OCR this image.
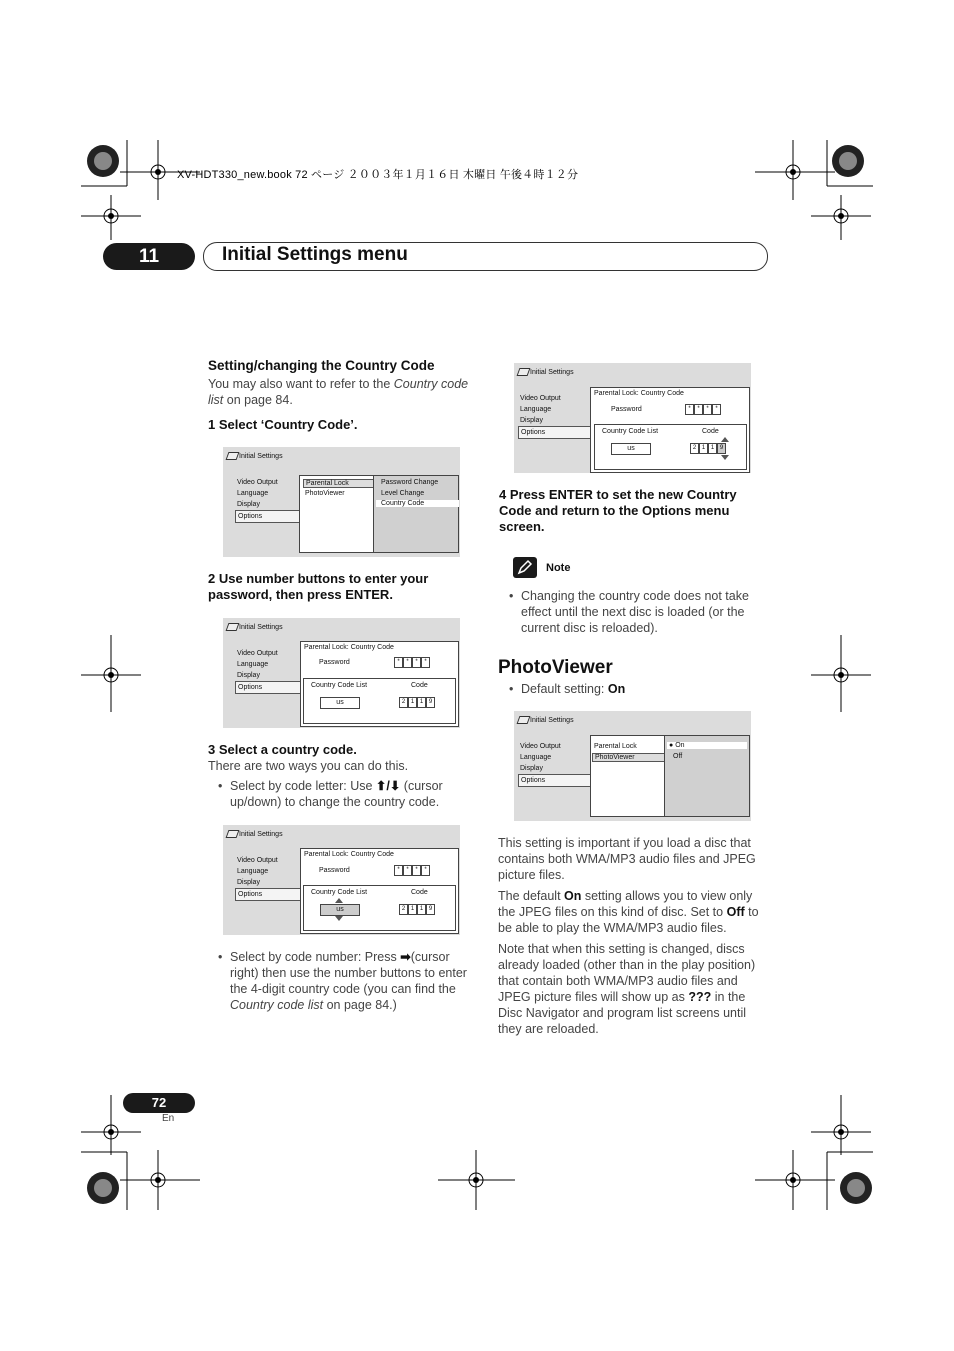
XV-HDT330_new.book 72 ページ ２００３年１月１６日 木曜日 午後４時１２分
11	Initial Settings menu
Setting/changing the Country Code
You may also want to refer to the Country code list on page 84.
1 Select ‘Country Code’.
Initial Settings
Video Output
Language
Display
Options
Parental Lock
PhotoViewer
Password Change
Level Change
Country Code
2 Use number buttons to enter your password, then press ENTER.
Initial Settings
Video Output
Language
Display
Options
Parental Lock: Country Code
Password	*	*	*	*
Country Code List	Code
us	2 1 1 9
3 Select a country code.
There are two ways you can do this.
• Select by code letter: Use ⬆/⬇ (cursor up/down) to change the country code.
Initial Settings
Video Output
Language
Display
Options
Parental Lock: Country Code
Password	*	*	*	*
Country Code List	Code
us	2 1 1 9
• Select by code number: Press ➡(cursor right) then use the number buttons to enter the 4-digit country code (you can find the Country code list on page 84.)
Initial Settings
Video Output
Language
Display
Options
Parental Lock: Country Code
Password	*	*	*	*
Country Code List	Code
us	2 1 1 9
4 Press ENTER to set the new Country Code and return to the Options menu screen.
Note
• Changing the country code does not take effect until the next disc is loaded (or the current disc is reloaded).
PhotoViewer
• Default setting: On
Initial Settings
Video Output
Language
Display
Options
Parental Lock
PhotoViewer
● On
Off
This setting is important if you load a disc that contains both WMA/MP3 audio files and JPEG picture files.
The default On setting allows you to view only the JPEG files on this kind of disc. Set to Off to be able to play the WMA/MP3 audio files.
Note that when this setting is changed, discs already loaded (other than in the play position) that contain both WMA/MP3 audio files and JPEG picture files will show up as ??? in the Disc Navigator and program list screens until they are reloaded.
72
En
